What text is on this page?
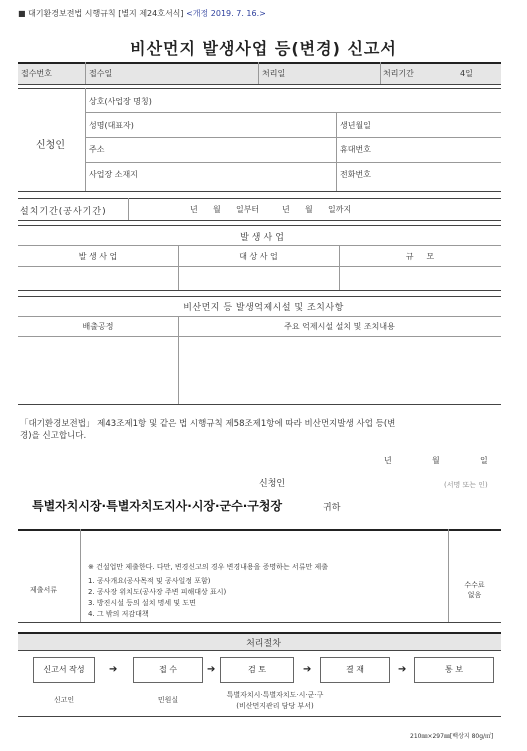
■ 대기환경보전법 시행규칙 [별지 제24호서식] <개정 2019. 7. 16.>
비산먼지 발생사업 등(변경) 신고서
접수번호	접수일	처리일	처리기간	4일
신청인
상호(사업장 명칭)
성명(대표자)	생년월일
주소	휴대번호
사업장 소재지	전화번호
설치기간(공사기간)	년      월      일부터         년      월      일까지
발생사업
발 생 사 업	대 상 사 업	규     모
비산먼지 등 발생억제시설 및 조치사항
배출공정	주요 억제시설 설치 및 조치내용
「대기환경보전법」 제43조제1항 및 같은 법 시행규칙 제58조제1항에 따라 비산먼지발생 사업 등(변
경)을 신고합니다.
년	월	일
신청인	(서명 또는 인)
특별자치시장·특별자치도지사·시장·군수·구청장	귀하
제출서류
※ 건설업만 제출한다. 다만, 변경신고의 경우 변경내용을 증명하는 서류만 제출
1. 공사개요(공사목적 및 공사일정 포함)
2. 공사장 위치도(공사장 주변 피해대상 표시)
3. 방진시설 등의 설치 명세 및 도면
4. 그 밖의 저감대책
수수료
없음
처리절차
신고서 작성	➔	접 수	➔	검 토	➔	결 재	➔	통 보
신고인	민원실
특별자치시·특별자치도·시·군·구
(비산먼지관리 담당 부서)
210㎜×297㎜[백상지 80g/㎡]
